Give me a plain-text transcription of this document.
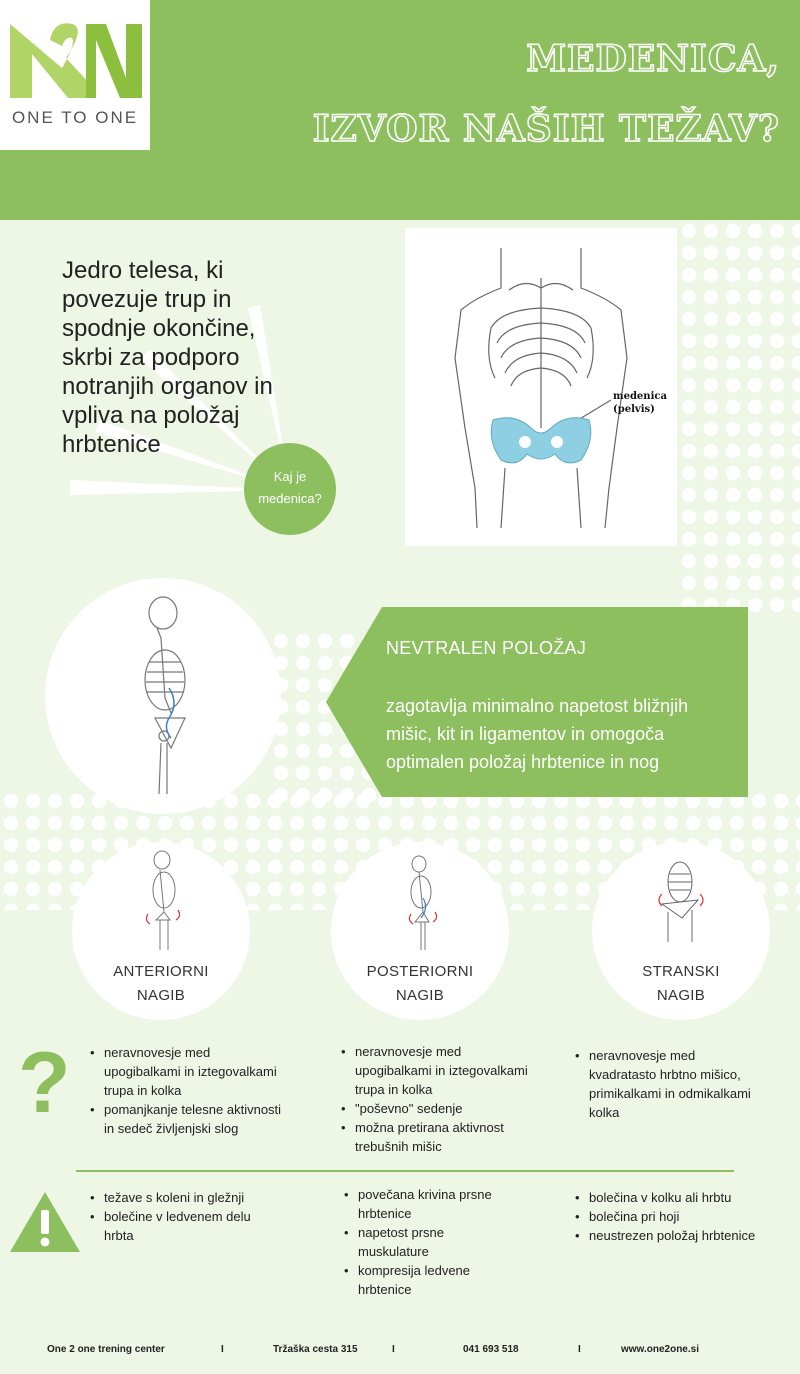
ONE TO ONE
MEDENICA,
IZVOR NAŠIH TEŽAV?
Jedro telesa, ki povezuje trup in spodnje okončine, skrbi za podporo notranjih organov in vpliva na položaj hrbtenice
Kaj je medenica?
medenica
(pelvis)
NEVTRALEN POLOŽAJ
zagotavlja minimalno napetost bližnjih mišic, kit in ligamentov in omogoča optimalen položaj hrbtenice in nog
ANTERIORNI
NAGIB
POSTERIORNI
NAGIB
STRANSKI
NAGIB
?
•	neravnovesje med upogibalkami in iztegovalkami trupa in kolka
• pomanjkanje telesne aktivnosti in sedeč življenjski slog
• neravnovesje med upogibalkami in iztegovalkami trupa in kolka
• "poševno" sedenje
• možna pretirana aktivnost trebušnih mišic
• neravnovesje med kvadratasto hrbtno mišico, primikalkami in odmikalkami kolka
• težave s koleni in gležnji
• bolečine v ledvenem delu hrbta
• povečana krivina prsne hrbtenice
• napetost prsne muskulature
• kompresija ledvene hrbtenice
• bolečina v kolku ali hrbtu
• bolečina pri hoji
• neustrezen položaj hrbtenice
One 2 one trening center	I	Tržaška cesta 315	I	041 693 518	I	www.one2one.si
